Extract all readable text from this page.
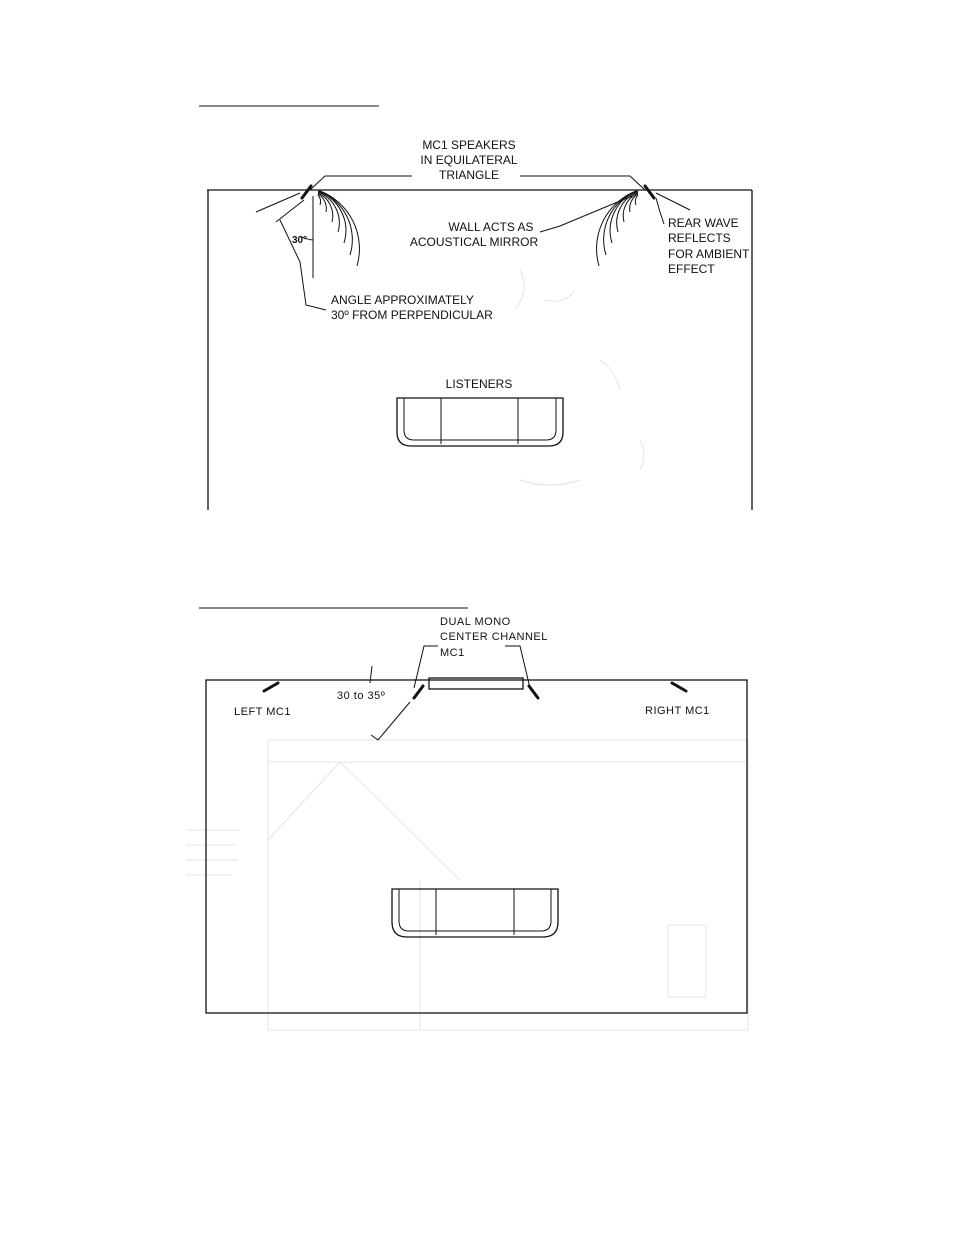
MC1 SPEAKERS
IN EQUILATERAL
TRIANGLE
WALL ACTS AS
ACOUSTICAL MIRROR
REAR WAVE
REFLECTS
FOR AMBIENT
EFFECT
30°
ANGLE APPROXIMATELY
30º FROM PERPENDICULAR
LISTENERS
DUAL MONO
CENTER CHANNEL
MC1
30 to 35º
LEFT MC1	RIGHT MC1
